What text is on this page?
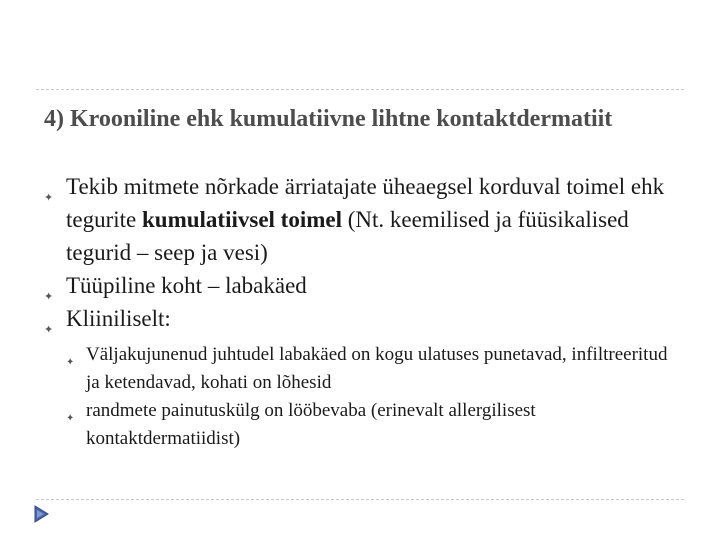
4) Krooniline ehk kumulatiivne lihtne kontaktdermatiit
✦ Tekib mitmete nõrkade ärriatajate üheaegsel korduval toimel ehk tegurite kumulatiivsel toimel (Nt. keemilised ja füüsikalised tegurid – seep ja vesi)
✦ Tüüpiline koht – labakäed
✦ Kliiniliselt:
✦ Väljakujunenud juhtudel labakäed on kogu ulatuses punetavad, infiltreeritud ja ketendavad, kohati on lõhesid
✦ randmete painutuskülg on lööbevaba (erinevalt allergilisest kontaktdermatiidist)
